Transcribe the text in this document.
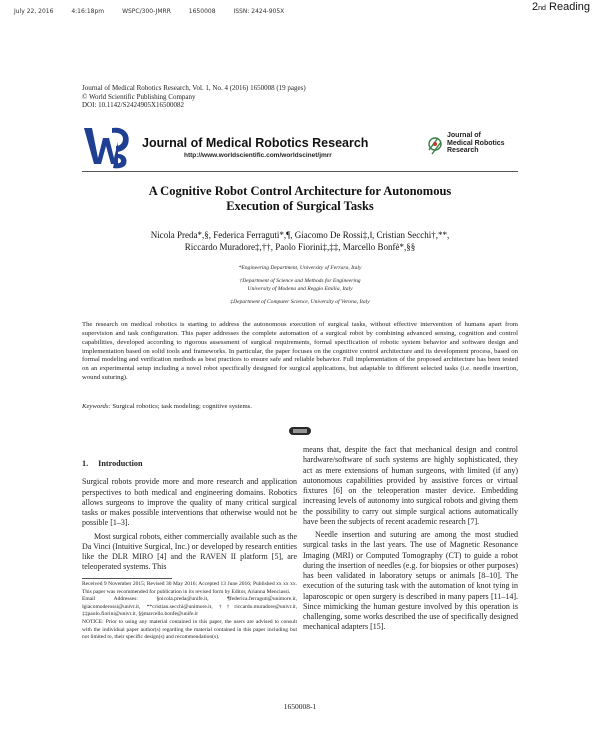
July 22, 2016	4:16:18pm	WSPC/300-JMRR	1650008	ISSN: 2424-905X	2nd Reading
Journal of Medical Robotics Research, Vol. 1, No. 4 (2016) 1650008 (19 pages)
© World Scientific Publishing Company
DOI: 10.1142/S2424905X16500082
Journal of Medical Robotics Research
http://www.worldscientific.com/worldscinet/jmrr
Journal of
Medical Robotics
Research
A Cognitive Robot Control Architecture for Autonomous
Execution of Surgical Tasks
Nicola Preda*,§, Federica Ferraguti*,¶, Giacomo De Rossi‡,‖, Cristian Secchi†,**,
Riccardo Muradore‡,††, Paolo Fiorini‡,‡‡, Marcello Bonfè*,§§
*Engineering Department, University of Ferrara, Italy
†Department of Science and Methods for Engineering
University of Modena and Reggio Emilia, Italy
‡Department of Computer Science, University of Verona, Italy
The research on medical robotics is starting to address the autonomous execution of surgical tasks, without effective intervention of humans apart from supervision and task configuration. This paper addresses the complete automation of a surgical robot by combining advanced sensing, cognition and control capabilities, developed according to rigorous assessment of surgical requirements, formal specification of robotic system behavior and software design and implementation based on solid tools and frameworks. In particular, the paper focuses on the cognitive control architecture and its development process, based on formal modeling and verification methods as best practices to ensure safe and reliable behavior. Full implementation of the proposed architecture has been tested on an experimental setup including a novel robot specifically designed for surgical applications, but adaptable to different selected tasks (i.e. needle insertion, wound suturing).
Keywords: Surgical robotics; task modeling; cognitive systems.
1. Introduction

Surgical robots provide more and more research and application perspectives to both medical and engineering domains. Robotics allows surgeons to improve the quality of many critical surgical tasks or makes possible interventions that otherwise would not be possible [1–3].

Most surgical robots, either commercially available such as the Da Vinci (Intuitive Surgical, Inc.) or developed by research entities like the DLR MIRO [4] and the RAVEN II platform [5], are teleoperated systems. This

means that, despite the fact that mechanical design and control hardware/software of such systems are highly sophisticated, they act as mere extensions of human surgeons, with limited (if any) autonomous capabilities provided by assistive forces or virtual fixtures [6] on the teleoperation master device. Embedding increasing levels of autonomy into surgical robots and giving them the possibility to carry out simple surgical actions automatically have been the subjects of recent academic research [7].

Needle insertion and suturing are among the most studied surgical tasks in the last years. The use of Magnetic Resonance Imaging (MRI) or Computed Tomography (CT) to guide a robot during the insertion of needles (e.g. for biopsies or other purposes) has been validated in laboratory setups or animals [8–10]. The execution of the suturing task with the automation of knot tying in laparoscopic or open surgery is described in many papers [11–14]. Since mimicking the human gesture involved by this operation is challenging, some works described the use of specifically designed mechanical adapters [15].

Received 9 November 2015; Revised 30 May 2016; Accepted 13 June 2016; Published xx xx xx. This paper was recommended for publication in its revised form by Editor, Arianna Menciassi.

Email Addresses: §nicola.preda@unife.it, ¶federica.ferraguti@unimore.it, ‖giacomoderossi@univr.it, **cristian.secchi@unimore.it, ††riccardo.muradore@univr.it, ‡‡paolo.fiorini@univr.it, §§marcello.bonfe@unife.it

NOTICE: Prior to using any material contained in this paper, the users are advised to consult with the individual paper author(s) regarding the material contained in this paper including but not limited to, their specific design(s) and recommendation(s).

1650008-1
